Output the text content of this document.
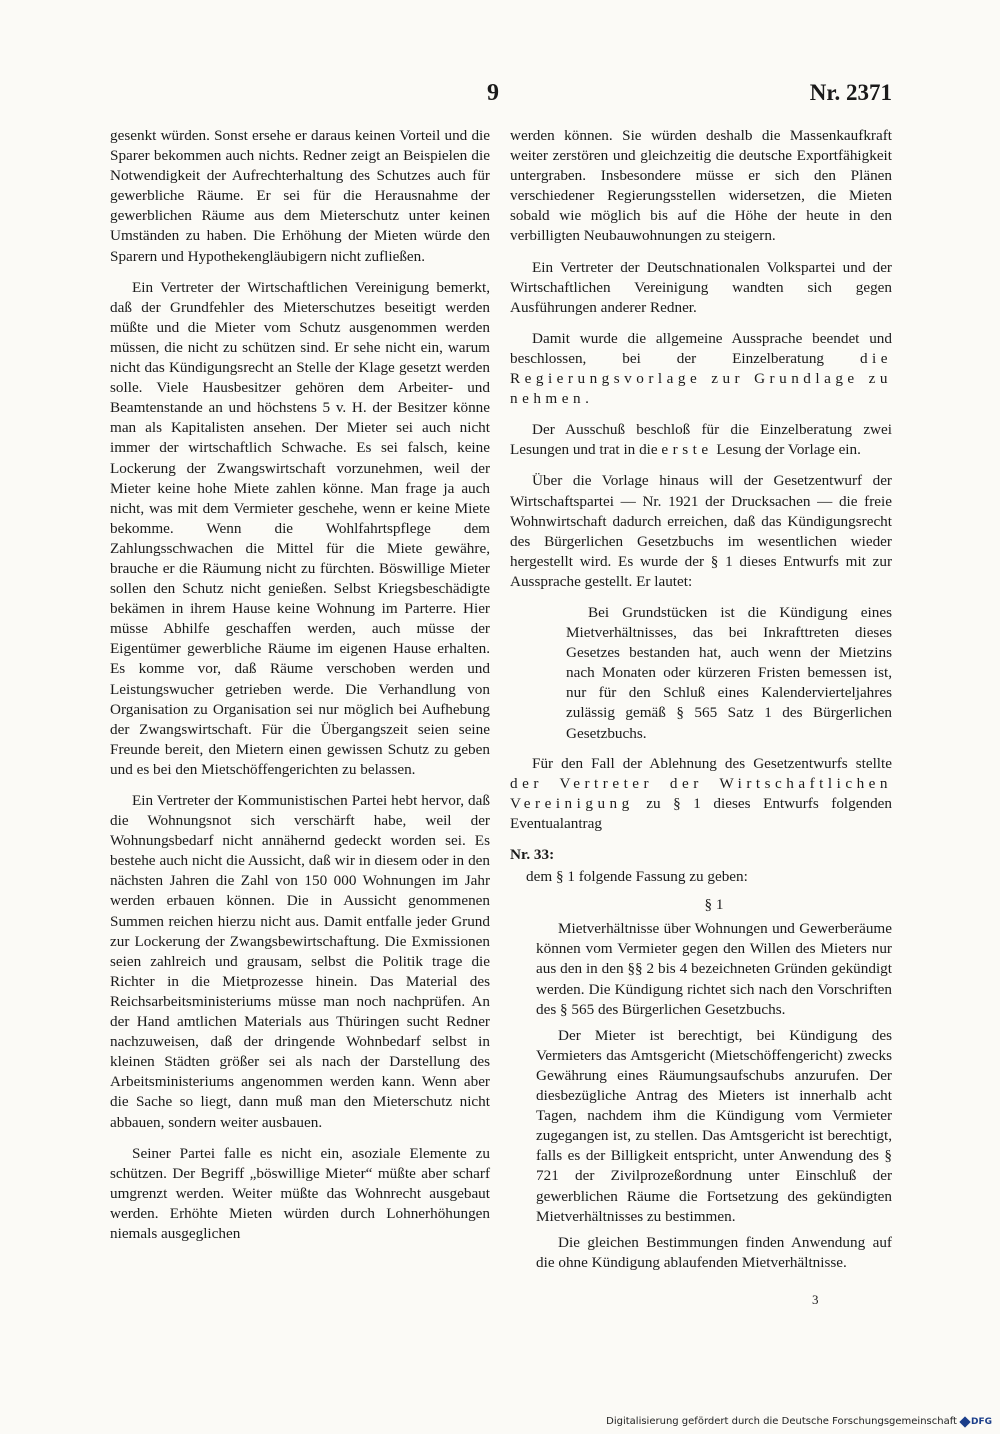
9	Nr. 2371

gesenkt würden. Sonst ersehe er daraus keinen Vorteil und die Sparer bekommen auch nichts. Redner zeigt an Beispielen die Notwendigkeit der Aufrechterhaltung des Schutzes auch für gewerbliche Räume. Er sei für die Herausnahme der gewerblichen Räume aus dem Mieterschutz unter keinen Umständen zu haben. Die Erhöhung der Mieten würde den Sparern und Hypothekengläubigern nicht zufließen.

Ein Vertreter der Wirtschaftlichen Vereinigung bemerkt, daß der Grundfehler des Mieterschutzes beseitigt werden müßte und die Mieter vom Schutz ausgenommen werden müssen, die nicht zu schützen sind. Er sehe nicht ein, warum nicht das Kündigungsrecht an Stelle der Klage gesetzt werden solle. Viele Hausbesitzer gehören dem Arbeiter- und Beamtenstande an und höchstens 5 v. H. der Besitzer könne man als Kapitalisten ansehen. Der Mieter sei auch nicht immer der wirtschaftlich Schwache. Es sei falsch, keine Lockerung der Zwangswirtschaft vorzunehmen, weil der Mieter keine hohe Miete zahlen könne. Man frage ja auch nicht, was mit dem Vermieter geschehe, wenn er keine Miete bekomme. Wenn die Wohlfahrtspflege dem Zahlungsschwachen die Mittel für die Miete gewähre, brauche er die Räumung nicht zu fürchten. Böswillige Mieter sollen den Schutz nicht genießen. Selbst Kriegsbeschädigte bekämen in ihrem Hause keine Wohnung im Parterre. Hier müsse Abhilfe geschaffen werden, auch müsse der Eigentümer gewerbliche Räume im eigenen Hause erhalten. Es komme vor, daß Räume verschoben werden und Leistungswucher getrieben werde. Die Verhandlung von Organisation zu Organisation sei nur möglich bei Aufhebung der Zwangswirtschaft. Für die Übergangszeit seien seine Freunde bereit, den Mietern einen gewissen Schutz zu geben und es bei den Mietschöffengerichten zu belassen.

Ein Vertreter der Kommunistischen Partei hebt hervor, daß die Wohnungsnot sich verschärft habe, weil der Wohnungsbedarf nicht annähernd gedeckt worden sei. Es bestehe auch nicht die Aussicht, daß wir in diesem oder in den nächsten Jahren die Zahl von 150 000 Wohnungen im Jahr werden erbauen können. Die in Aussicht genommenen Summen reichen hierzu nicht aus. Damit entfalle jeder Grund zur Lockerung der Zwangsbewirtschaftung. Die Exmissionen seien zahlreich und grausam, selbst die Politik trage die Richter in die Mietprozesse hinein. Das Material des Reichsarbeitsministeriums müsse man noch nachprüfen. An der Hand amtlichen Materials aus Thüringen sucht Redner nachzuweisen, daß der dringende Wohnbedarf selbst in kleinen Städten größer sei als nach der Darstellung des Arbeitsministeriums angenommen werden kann. Wenn aber die Sache so liegt, dann muß man den Mieterschutz nicht abbauen, sondern weiter ausbauen.

Seiner Partei falle es nicht ein, asoziale Elemente zu schützen. Der Begriff „böswillige Mieter“ müßte aber scharf umgrenzt werden. Weiter müßte das Wohnrecht ausgebaut werden. Erhöhte Mieten würden durch Lohnerhöhungen niemals ausgeglichen

werden können. Sie würden deshalb die Massenkaufkraft weiter zerstören und gleichzeitig die deutsche Exportfähigkeit untergraben. Insbesondere müsse er sich den Plänen verschiedener Regierungsstellen widersetzen, die Mieten sobald wie möglich bis auf die Höhe der heute in den verbilligten Neubauwohnungen zu steigern.

Ein Vertreter der Deutschnationalen Volkspartei und der Wirtschaftlichen Vereinigung wandten sich gegen Ausführungen anderer Redner.

Damit wurde die allgemeine Aussprache beendet und beschlossen, bei der Einzelberatung die Regierungsvorlage zur Grundlage zu nehmen.

Der Ausschuß beschloß für die Einzelberatung zwei Lesungen und trat in die erste Lesung der Vorlage ein.

Über die Vorlage hinaus will der Gesetzentwurf der Wirtschaftspartei — Nr. 1921 der Drucksachen — die freie Wohnwirtschaft dadurch erreichen, daß das Kündigungsrecht des Bürgerlichen Gesetzbuchs im wesentlichen wieder hergestellt wird. Es wurde der § 1 dieses Entwurfs mit zur Aussprache gestellt. Er lautet:

Bei Grundstücken ist die Kündigung eines Mietverhältnisses, das bei Inkrafttreten dieses Gesetzes bestanden hat, auch wenn der Mietzins nach Monaten oder kürzeren Fristen bemessen ist, nur für den Schluß eines Kalendervierteljahres zulässig gemäß § 565 Satz 1 des Bürgerlichen Gesetzbuchs.

Für den Fall der Ablehnung des Gesetzentwurfs stellte der Vertreter der Wirtschaftlichen Vereinigung zu § 1 dieses Entwurfs folgenden Eventualantrag

Nr. 33:

dem § 1 folgende Fassung zu geben:

§ 1

Mietverhältnisse über Wohnungen und Gewerberäume können vom Vermieter gegen den Willen des Mieters nur aus den in den §§ 2 bis 4 bezeichneten Gründen gekündigt werden. Die Kündigung richtet sich nach den Vorschriften des § 565 des Bürgerlichen Gesetzbuchs.

Der Mieter ist berechtigt, bei Kündigung des Vermieters das Amtsgericht (Mietschöffengericht) zwecks Gewährung eines Räumungsaufschubs anzurufen. Der diesbezügliche Antrag des Mieters ist innerhalb acht Tagen, nachdem ihm die Kündigung vom Vermieter zugegangen ist, zu stellen. Das Amtsgericht ist berechtigt, falls es der Billigkeit entspricht, unter Anwendung des § 721 der Zivilprozeßordnung unter Einschluß der gewerblichen Räume die Fortsetzung des gekündigten Mietverhältnisses zu bestimmen.

Die gleichen Bestimmungen finden Anwendung auf die ohne Kündigung ablaufenden Mietverhältnisse.

3
Digitalisierung gefördert durch die Deutsche Forschungsgemeinschaft DFG
